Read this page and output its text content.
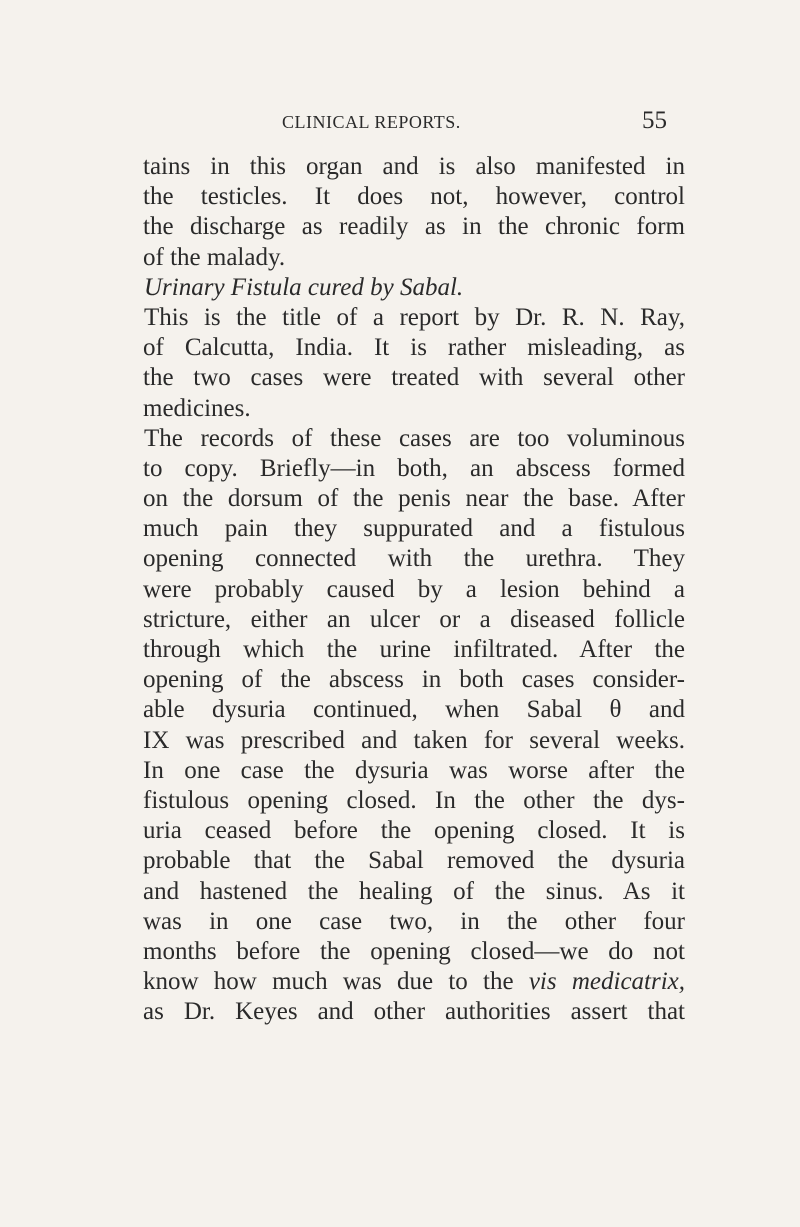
CLINICAL REPORTS.	55
tains in this organ and is also manifested in
the testicles. It does not, however, control
the discharge as readily as in the chronic form
of the malady.
Urinary Fistula cured by Sabal.
This is the title of a report by Dr. R. N. Ray,
of Calcutta, India. It is rather misleading, as
the two cases were treated with several other
medicines.
The records of these cases are too voluminous
to copy. Briefly—in both, an abscess formed
on the dorsum of the penis near the base. After
much pain they suppurated and a fistulous
opening connected with the urethra. They
were probably caused by a lesion behind a
stricture, either an ulcer or a diseased follicle
through which the urine infiltrated. After the
opening of the abscess in both cases consider-
able dysuria continued, when Sabal θ and
IX was prescribed and taken for several weeks.
In one case the dysuria was worse after the
fistulous opening closed. In the other the dys-
uria ceased before the opening closed. It is
probable that the Sabal removed the dysuria
and hastened the healing of the sinus. As it
was in one case two, in the other four
months before the opening closed—we do not
know how much was due to the vis medicatrix,
as Dr. Keyes and other authorities assert that
